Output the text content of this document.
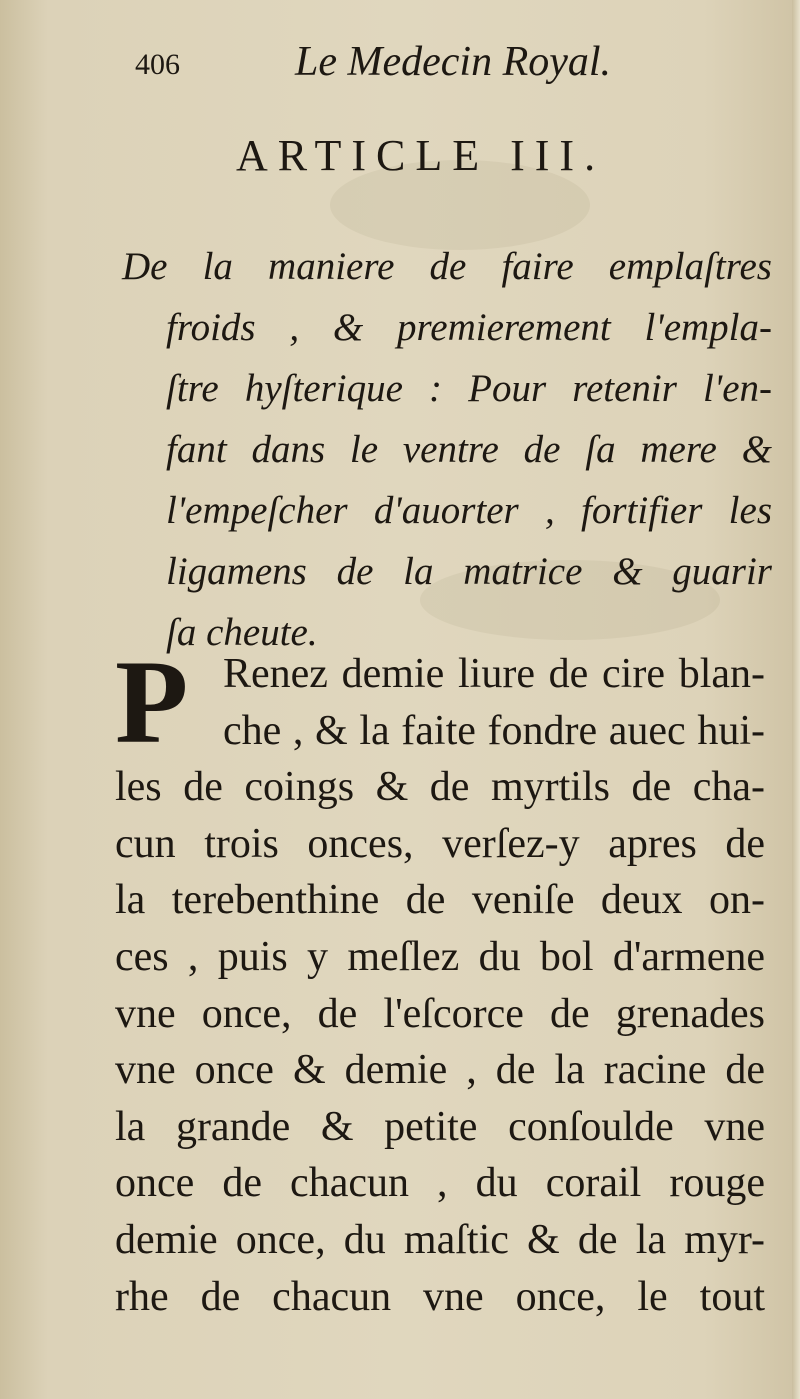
406	Le Medecin Royal.
ARTICLE III.
De la maniere de faire emplaſtres
froids , & premierement l'empla-
ſtre hyſterique : Pour retenir l'en-
fant dans le ventre de ſa mere &
l'empeſcher d'auorter , fortifier les
ligamens de la matrice & guarir
ſa cheute.
P Renez demie liure de cire blan-
che , & la faite fondre auec hui-
les de coings & de myrtils de cha-
cun trois onces, verſez-y apres de
la terebenthine de veniſe deux on-
ces , puis y meſlez du bol d'armene
vne once, de l'eſcorce de grenades
vne once & demie , de la racine de
la grande & petite conſoulde vne
once de chacun , du corail rouge
demie once, du maſtic & de la myr-
rhe de chacun vne once, le tout
